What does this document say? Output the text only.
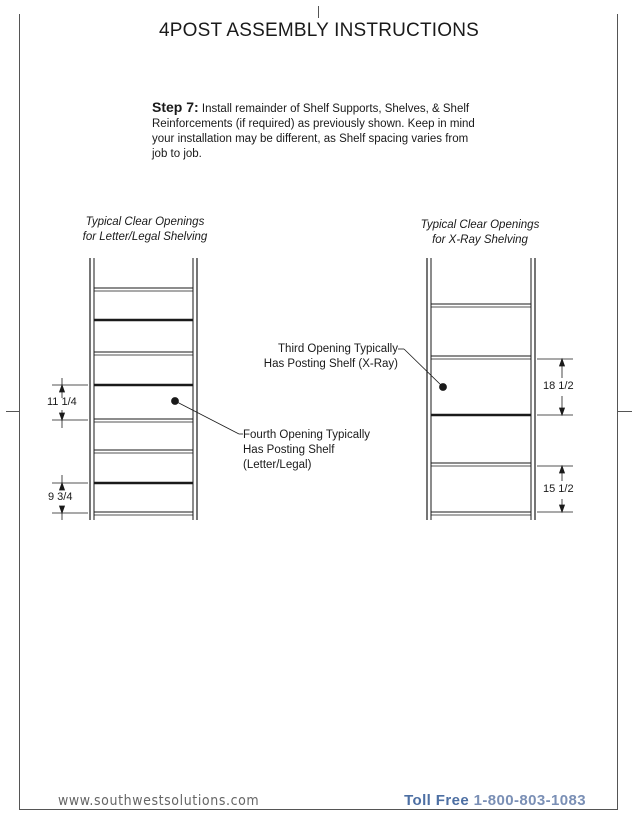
4POST ASSEMBLY INSTRUCTIONS
Step 7: Install remainder of Shelf Supports, Shelves, & Shelf Reinforcements (if required) as previously shown. Keep in mind your installation may be different, as Shelf spacing varies from job to job.
Typical Clear Openings
for Letter/Legal Shelving
Typical Clear Openings
for X-Ray Shelving
11 1/4
9 3/4
18 1/2
15 1/2
Fourth Opening Typically
Has Posting Shelf
(Letter/Legal)
Third Opening Typically
Has Posting Shelf (X-Ray)
www.southwestsolutions.com	Toll Free 1-800-803-1083
